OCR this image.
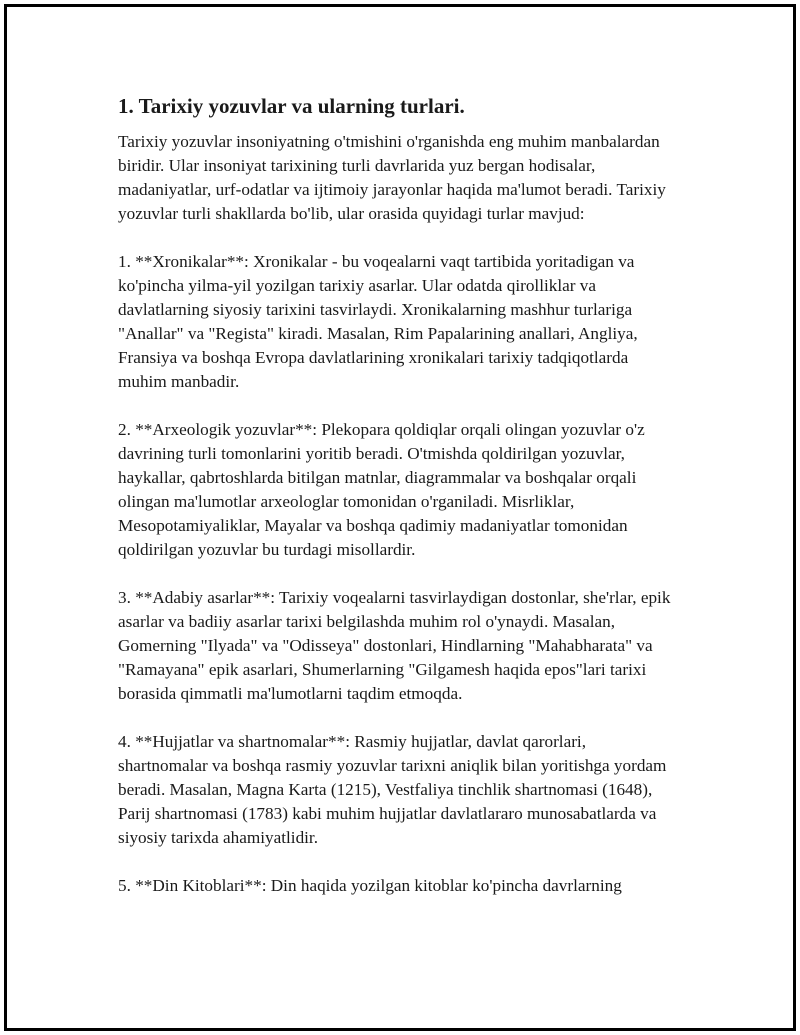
1. Tarixiy yozuvlar va ularning turlari.

Tarixiy yozuvlar insoniyatning o'tmishini o'rganishda eng muhim manbalardan biridir. Ular insoniyat tarixining turli davrlarida yuz bergan hodisalar, madaniyatlar, urf-odatlar va ijtimoiy jarayonlar haqida ma'lumot beradi. Tarixiy yozuvlar turli shakllarda bo'lib, ular orasida quyidagi turlar mavjud:

1. **Xronikalar**: Xronikalar - bu voqealarni vaqt tartibida yoritadigan va ko'pincha yilma-yil yozilgan tarixiy asarlar. Ular odatda qirolliklar va davlatlarning siyosiy tarixini tasvirlaydi. Xronikalarning mashhur turlariga "Anallar" va "Regista" kiradi. Masalan, Rim Papalarining anallari, Angliya, Fransiya va boshqa Evropa davlatlarining xronikalari tarixiy tadqiqotlarda muhim manbadir.

2. **Arxeologik yozuvlar**: Plekopara qoldiqlar orqali olingan yozuvlar o'z davrining turli tomonlarini yoritib beradi. O'tmishda qoldirilgan yozuvlar, haykallar, qabrtoshlarda bitilgan matnlar, diagrammalar va boshqalar orqali olingan ma'lumotlar arxeologlar tomonidan o'rganiladi. Misrliklar, Mesopotamiyaliklar, Mayalar va boshqa qadimiy madaniyatlar tomonidan qoldirilgan yozuvlar bu turdagi misollardir.

3. **Adabiy asarlar**: Tarixiy voqealarni tasvirlaydigan dostonlar, she'rlar, epik asarlar va badiiy asarlar tarixi belgilashda muhim rol o'ynaydi. Masalan, Gomerning "Ilyada" va "Odisseya" dostonlari, Hindlarning "Mahabharata" va "Ramayana" epik asarlari, Shumerlarning "Gilgamesh haqida epos"lari tarixi borasida qimmatli ma'lumotlarni taqdim etmoqda.

4. **Hujjatlar va shartnomalar**: Rasmiy hujjatlar, davlat qarorlari, shartnomalar va boshqa rasmiy yozuvlar tarixni aniqlik bilan yoritishga yordam beradi. Masalan, Magna Karta (1215), Vestfaliya tinchlik shartnomasi (1648), Parij shartnomasi (1783) kabi muhim hujjatlar davlatlararo munosabatlarda va siyosiy tarixda ahamiyatlidir.

5. **Din Kitoblari**: Din haqida yozilgan kitoblar ko'pincha davrlarning
